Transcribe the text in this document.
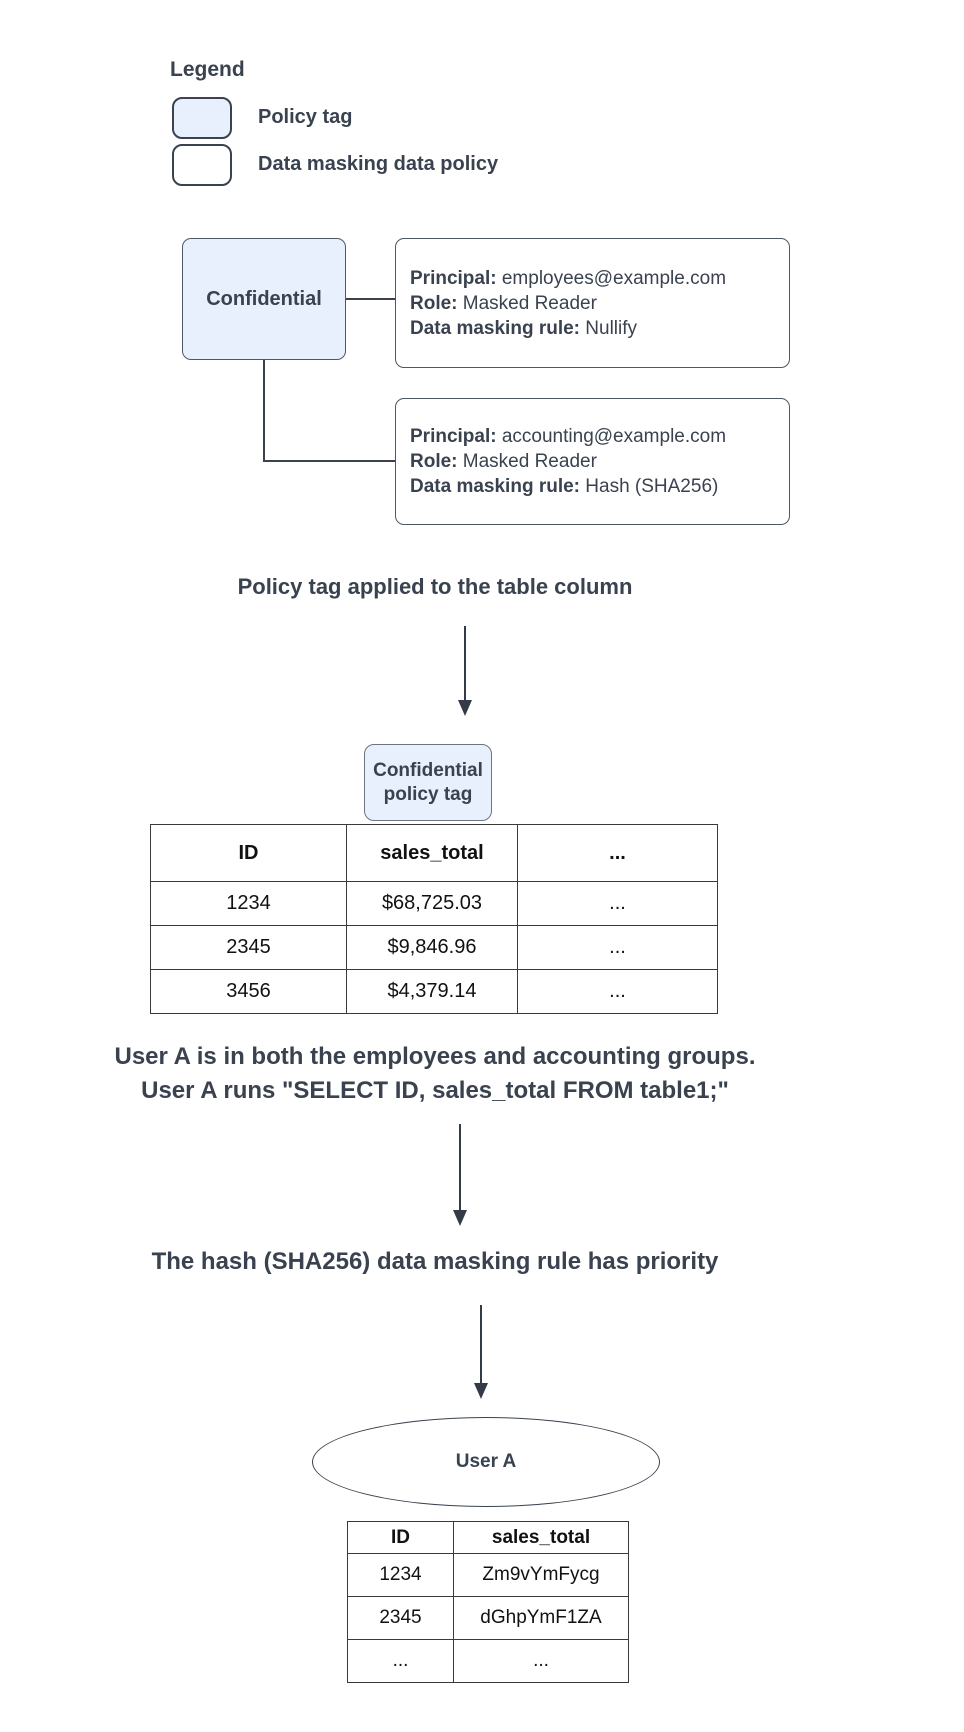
Legend
Policy tag
Data masking data policy
Confidential
Principal: employees@example.com
Role: Masked Reader
Data masking rule: Nullify
Principal: accounting@example.com
Role: Masked Reader
Data masking rule: Hash (SHA256)
Policy tag applied to the table column
Confidential
policy tag
ID	sales_total	...
1234	$68,725.03	...
2345	$9,846.96	...
3456	$4,379.14	...
User A is in both the employees and accounting groups.
User A runs "SELECT ID, sales_total FROM table1;"
The hash (SHA256) data masking rule has priority
User A
ID	sales_total
1234	Zm9vYmFycg
2345	dGhpYmF1ZA
...	...
